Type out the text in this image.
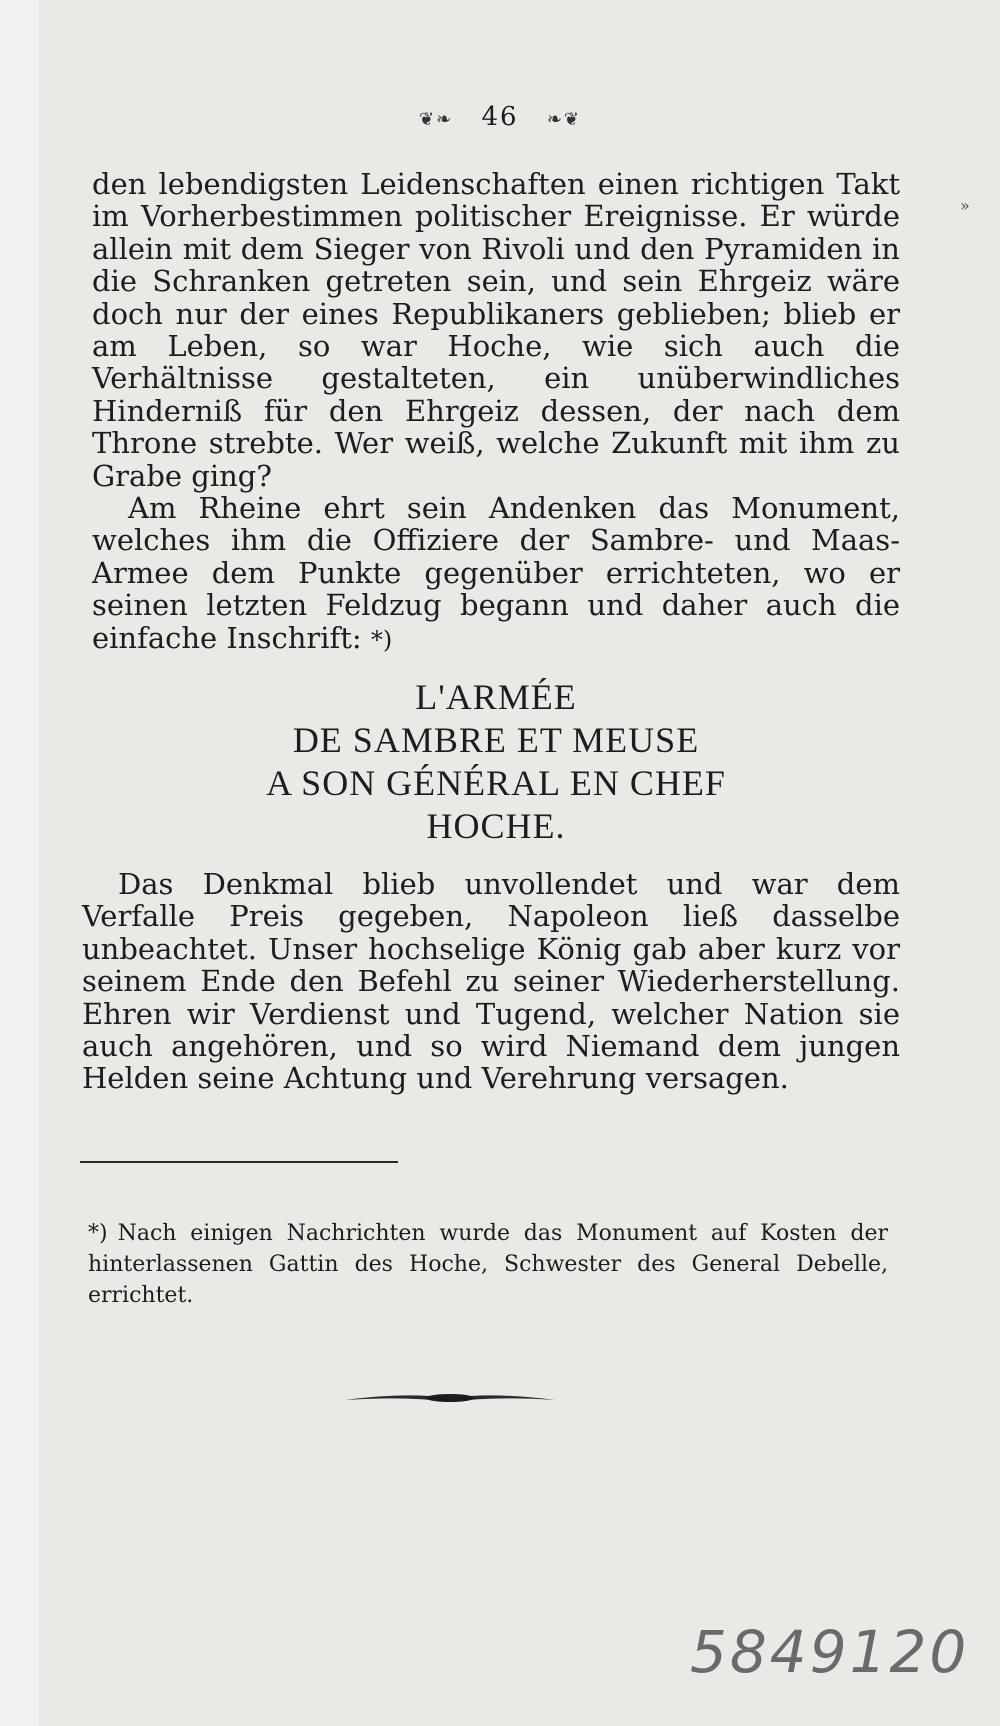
❦❧ 46 ❧❦
»

den lebendigsten Leidenschaften einen richtigen Takt im Vorherbestimmen politischer Ereignisse. Er würde allein mit dem Sieger von Rivoli und den Pyramiden in die Schranken getreten sein, und sein Ehrgeiz wäre doch nur der eines Republikaners geblieben; blieb er am Leben, so war Hoche, wie sich auch die Verhältnisse gestalteten, ein unüberwindliches Hinderniß für den Ehrgeiz dessen, der nach dem Throne strebte. Wer weiß, welche Zukunft mit ihm zu Grabe ging?

Am Rheine ehrt sein Andenken das Monument, welches ihm die Offiziere der Sambre- und Maas-Armee dem Punkte gegenüber errichteten, wo er seinen letzten Feldzug begann und daher auch die einfache Inschrift: *)

L'ARMÉE
DE SAMBRE ET MEUSE
A SON GÉNÉRAL EN CHEF
HOCHE.

Das Denkmal blieb unvollendet und war dem Verfalle Preis gegeben, Napoleon ließ dasselbe unbeachtet. Unser hochselige König gab aber kurz vor seinem Ende den Befehl zu seiner Wiederherstellung. Ehren wir Verdienst und Tugend, welcher Nation sie auch angehören, und so wird Niemand dem jungen Helden seine Achtung und Verehrung versagen.

*) Nach einigen Nachrichten wurde das Monument auf Kosten der hinterlassenen Gattin des Hoche, Schwester des General Debelle, errichtet.
5849120
